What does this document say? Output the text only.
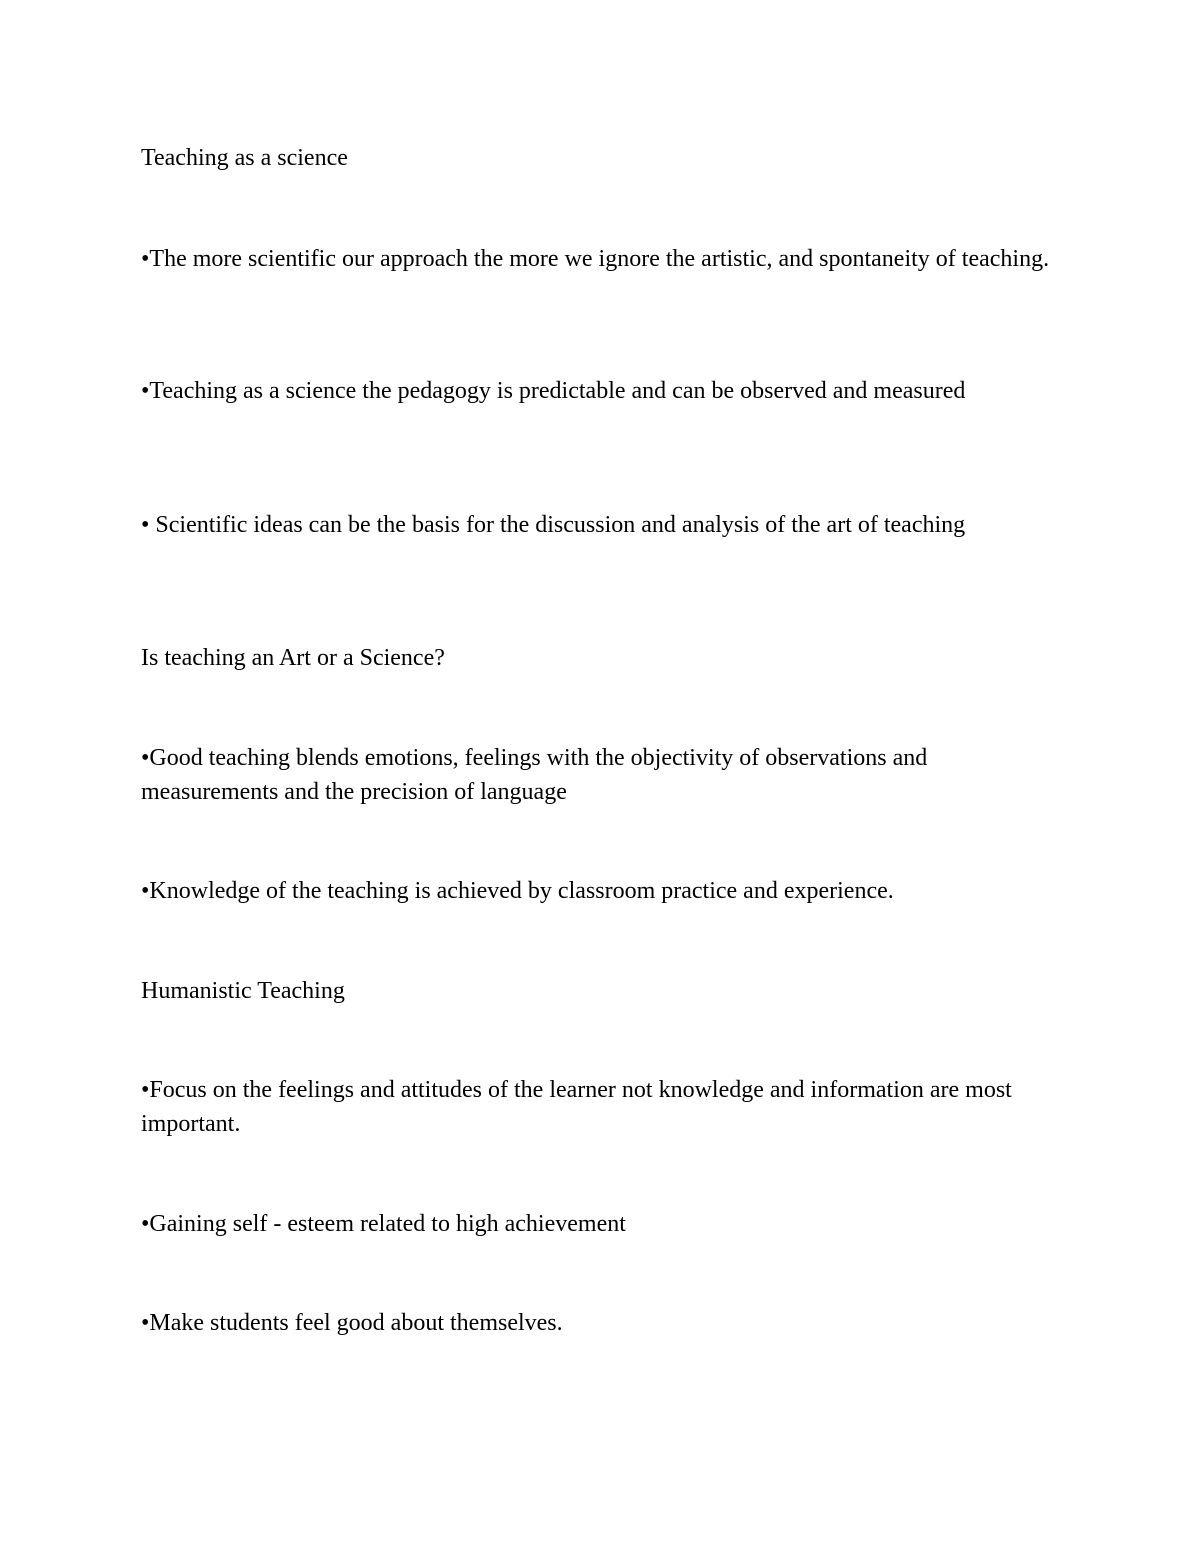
Teaching as a science

•The more scientific our approach the more we ignore the artistic, and spontaneity of teaching.

•Teaching as a science the pedagogy is predictable and can be observed and measured

• Scientific ideas can be the basis for the discussion and analysis of the art of teaching

Is teaching an Art or a Science?

•Good teaching blends emotions, feelings with the objectivity of observations and measurements and the precision of language

•Knowledge of the teaching is achieved by classroom practice and experience.

Humanistic Teaching

•Focus on the feelings and attitudes of the learner not knowledge and information are most important.

•Gaining self - esteem related to high achievement

•Make students feel good about themselves.
